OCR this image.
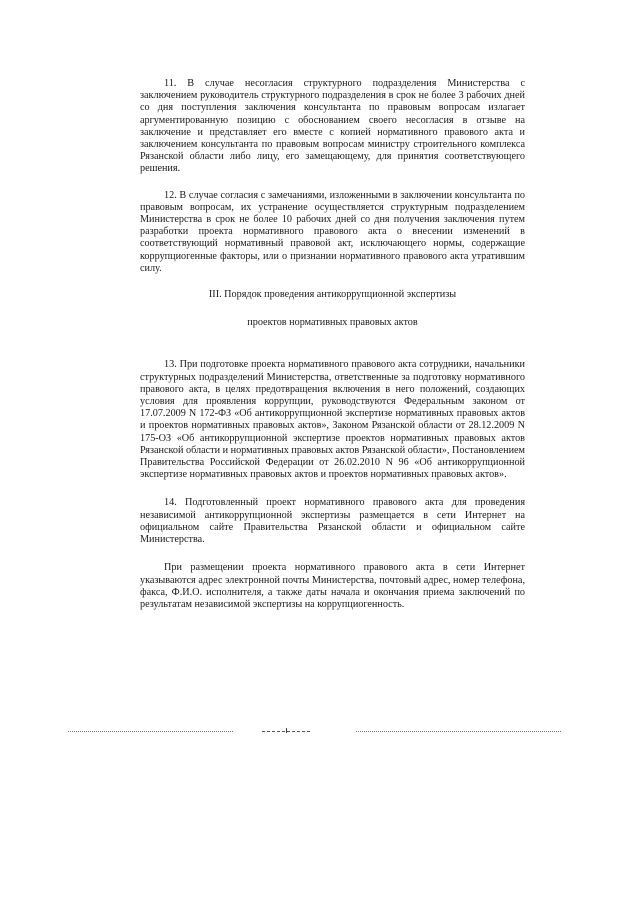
11. В случае несогласия структурного подразделения Министерства с заключением руководитель структурного подразделения в срок не более 3 рабочих дней со дня поступления заключения консультанта по правовым вопросам излагает аргументированную позицию с обоснованием своего несогласия в отзыве на заключение и представляет его вместе с копией нормативного правового акта и заключением консультанта по правовым вопросам министру строительного комплекса Рязанской области либо лицу, его замещающему, для принятия соответствующего решения.

12. В случае согласия с замечаниями, изложенными в заключении консультанта по правовым вопросам, их устранение осуществляется структурным подразделением Министерства в срок не более 10 рабочих дней со дня получения заключения путем разработки проекта нормативного правового акта о внесении изменений в соответствующий нормативный правовой акт, исключающего нормы, содержащие коррупциогенные факторы, или о признании нормативного правового акта утратившим силу.

III. Порядок проведения антикоррупционной экспертизы

проектов нормативных правовых актов

13. При подготовке проекта нормативного правового акта сотрудники, начальники структурных подразделений Министерства, ответственные за подготовку нормативного правового акта, в целях предотвращения включения в него положений, создающих условия для проявления коррупции, руководствуются Федеральным законом от 17.07.2009 N 172-ФЗ «Об антикоррупционной экспертизе нормативных правовых актов и проектов нормативных правовых актов», Законом Рязанской области от 28.12.2009 N 175-ОЗ «Об антикоррупционной экспертизе проектов нормативных правовых актов Рязанской области и нормативных правовых актов Рязанской области», Постановлением Правительства Российской Федерации от 26.02.2010 N 96 «Об антикоррупционной экспертизе нормативных правовых актов и проектов нормативных правовых актов».

14. Подготовленный проект нормативного правового акта для проведения независимой антикоррупционной экспертизы размещается в сети Интернет на официальном сайте Правительства Рязанской области и официальном сайте Министерства.

При размещении проекта нормативного правового акта в сети Интернет указываются адрес электронной почты Министерства, почтовый адрес, номер телефона, факса, Ф.И.О. исполнителя, а также даты начала и окончания приема заключений по результатам независимой экспертизы на коррупциогенность.
